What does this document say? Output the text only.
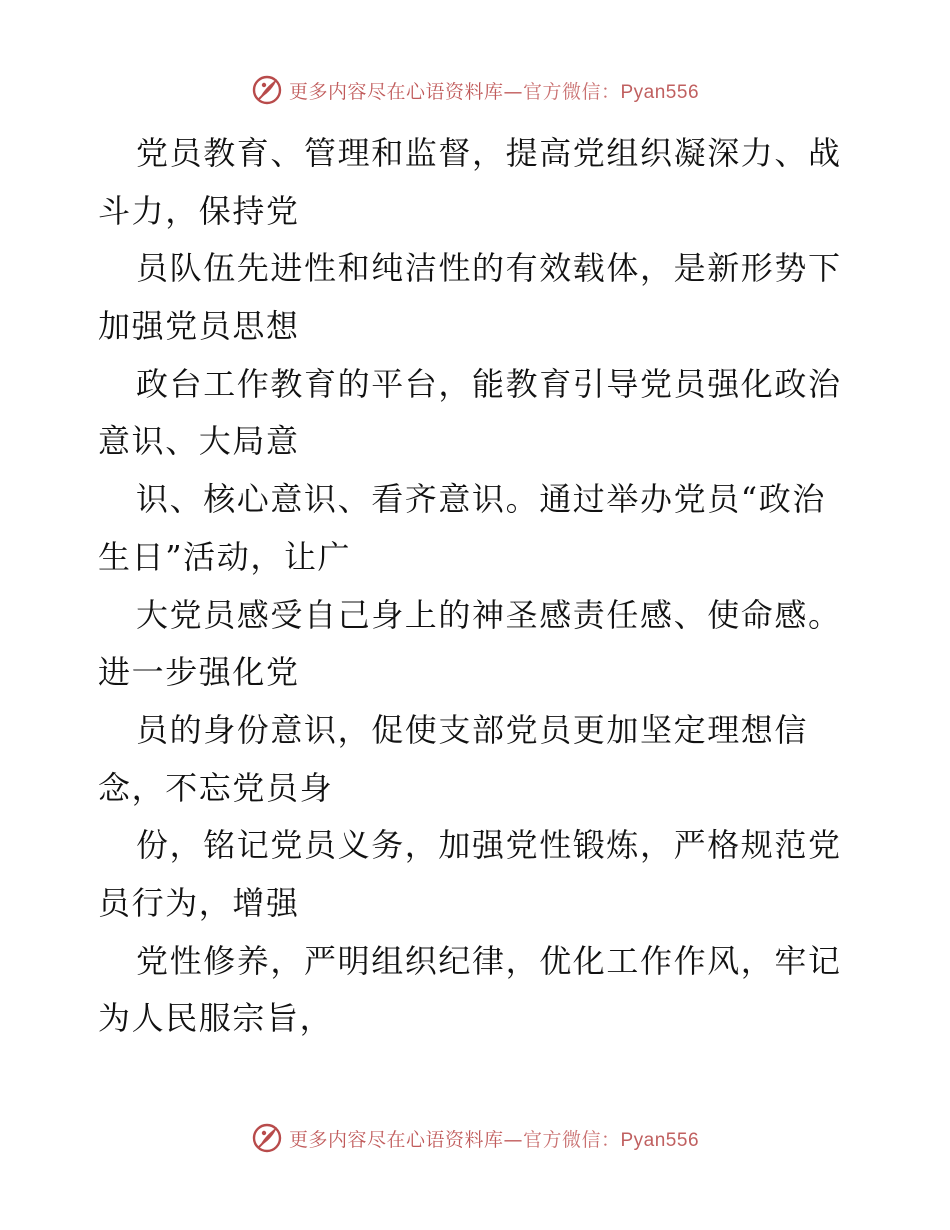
更多内容尽在心语资料库—官方微信：Pyan556
党员教育、管理和监督，提高党组织凝深力、战
斗力，保持党
员队伍先进性和纯洁性的有效载体，是新形势下
加强党员思想
政台工作教育的平台，能教育引导党员强化政治
意识、大局意
识、核心意识、看齐意识。通过举办党员“政治
生日”活动，让广
大党员感受自己身上的神圣感责任感、使命感。
进一步强化党
员的身份意识，促使支部党员更加坚定理想信
念，不忘党员身
份，铭记党员义务，加强党性锻炼，严格规范党
员行为，增强
党性修养，严明组织纪律，优化工作作风，牢记
为人民服宗旨，
更多内容尽在心语资料库—官方微信：Pyan556
